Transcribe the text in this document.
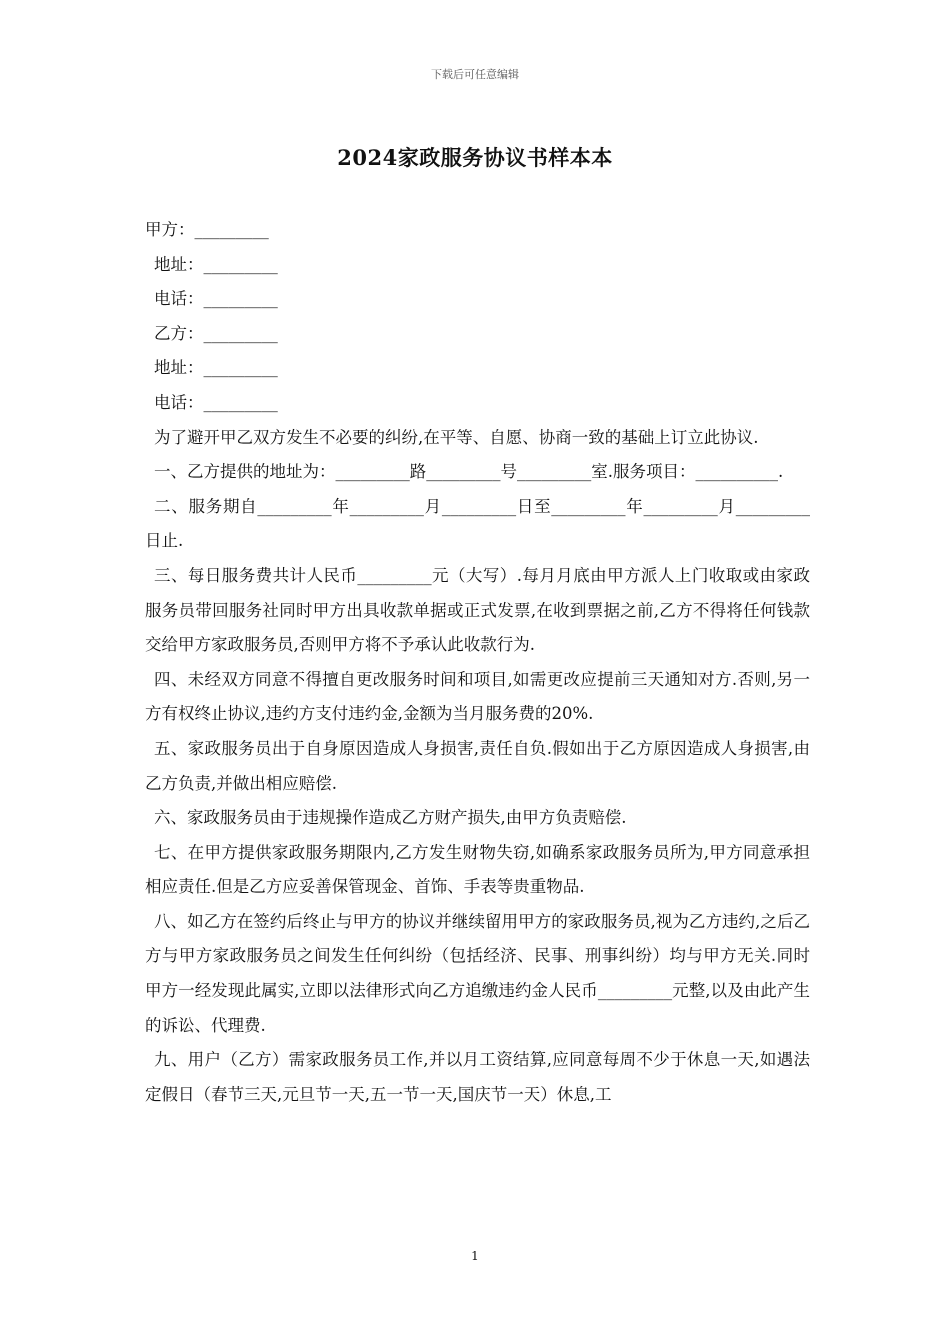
下载后可任意编辑
2024家政服务协议书样本本
甲方：_________
地址：_________
电话：_________
乙方：_________
地址：_________
电话：_________
为了避开甲乙双方发生不必要的纠纷,在平等、自愿、协商一致的基础上订立此协议.
一、乙方提供的地址为：_________路_________号_________室.服务项目：__________.
二、服务期自_________年_________月_________日至_________年_________月_________日止.
三、每日服务费共计人民币_________元（大写）.每月月底由甲方派人上门收取或由家政服务员带回服务社同时甲方出具收款单据或正式发票,在收到票据之前,乙方不得将任何钱款交给甲方家政服务员,否则甲方将不予承认此收款行为.
四、未经双方同意不得擅自更改服务时间和项目,如需更改应提前三天通知对方.否则,另一方有权终止协议,违约方支付违约金,金额为当月服务费的20%.
五、家政服务员出于自身原因造成人身损害,责任自负.假如出于乙方原因造成人身损害,由乙方负责,并做出相应赔偿.
六、家政服务员由于违规操作造成乙方财产损失,由甲方负责赔偿.
七、在甲方提供家政服务期限内,乙方发生财物失窃,如确系家政服务员所为,甲方同意承担相应责任.但是乙方应妥善保管现金、首饰、手表等贵重物品.
八、如乙方在签约后终止与甲方的协议并继续留用甲方的家政服务员,视为乙方违约,之后乙方与甲方家政服务员之间发生任何纠纷（包括经济、民事、刑事纠纷）均与甲方无关.同时甲方一经发现此属实,立即以法律形式向乙方追缴违约金人民币_________元整,以及由此产生的诉讼、代理费.
九、用户（乙方）需家政服务员工作,并以月工资结算,应同意每周不少于休息一天,如遇法定假日（春节三天,元旦节一天,五一节一天,国庆节一天）休息,工
1
